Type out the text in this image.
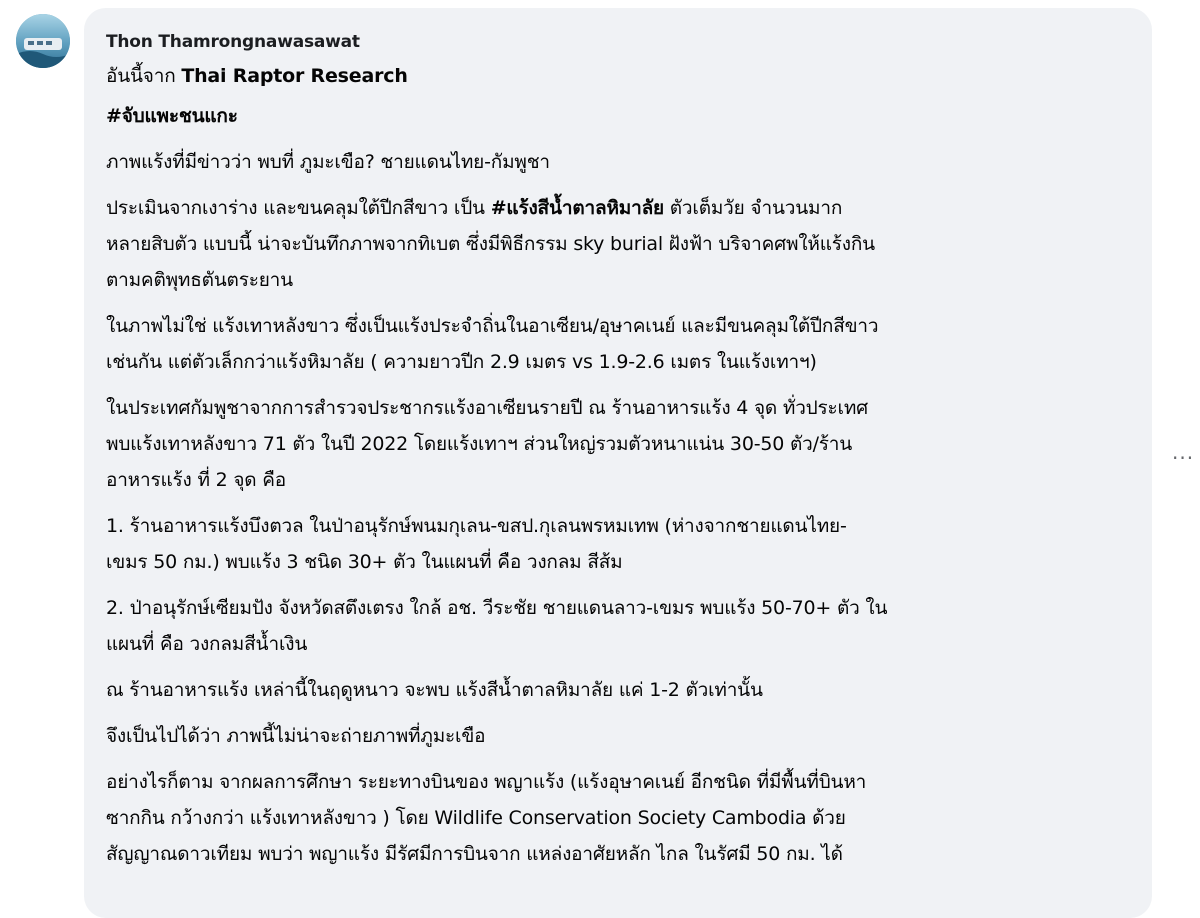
Thon Thamrongnawasawat
อันนี้จาก Thai Raptor Research
#จับแพะชนแกะ
ภาพแร้งที่มีข่าวว่า พบที่ ภูมะเขือ? ชายแดนไทย-กัมพูชา
ประเมินจากเงาร่าง และขนคลุมใต้ปีกสีขาว เป็น #แร้งสีน้ำตาลหิมาลัย ตัวเต็มวัย จำนวนมาก
หลายสิบตัว แบบนี้ น่าจะบันทึกภาพจากทิเบต ซึ่งมีพิธีกรรม sky burial ฝังฟ้า บริจาคศพให้แร้งกิน
ตามคติพุทธตันตระยาน
ในภาพไม่ใช่ แร้งเทาหลังขาว ซึ่งเป็นแร้งประจำถิ่นในอาเซียน/อุษาคเนย์ และมีขนคลุมใต้ปีกสีขาว
เช่นกัน แต่ตัวเล็กกว่าแร้งหิมาลัย ( ความยาวปีก 2.9 เมตร vs 1.9-2.6 เมตร ในแร้งเทาฯ)
ในประเทศกัมพูชาจากการสำรวจประชากรแร้งอาเซียนรายปี ณ ร้านอาหารแร้ง 4 จุด ทั่วประเทศ
พบแร้งเทาหลังขาว 71 ตัว ในปี 2022 โดยแร้งเทาฯ ส่วนใหญ่รวมตัวหนาแน่น 30-50 ตัว/ร้าน
อาหารแร้ง ที่ 2 จุด คือ
1. ร้านอาหารแร้งบึงตวล ในป่าอนุรักษ์พนมกุเลน-ขสป.กุเลนพรหมเทพ (ห่างจากชายแดนไทย-
เขมร 50 กม.) พบแร้ง 3 ชนิด 30+ ตัว ในแผนที่ คือ วงกลม สีส้ม
2. ป่าอนุรักษ์เซียมปัง จังหวัดสตึงเตรง ใกล้ อช. วีระชัย ชายแดนลาว-เขมร พบแร้ง 50-70+ ตัว ใน
แผนที่ คือ วงกลมสีน้ำเงิน
ณ ร้านอาหารแร้ง เหล่านี้ในฤดูหนาว จะพบ แร้งสีน้ำตาลหิมาลัย แค่ 1-2 ตัวเท่านั้น
จึงเป็นไปได้ว่า ภาพนี้ไม่น่าจะถ่ายภาพที่ภูมะเขือ
อย่างไรก็ตาม จากผลการศึกษา ระยะทางบินของ พญาแร้ง (แร้งอุษาคเนย์ อีกชนิด ที่มีพื้นที่บินหา
ซากกิน กว้างกว่า แร้งเทาหลังขาว ) โดย Wildlife Conservation Society Cambodia ด้วย
สัญญาณดาวเทียม พบว่า พญาแร้ง มีรัศมีการบินจาก แหล่งอาศัยหลัก ไกล ในรัศมี 50 กม. ได้
···
